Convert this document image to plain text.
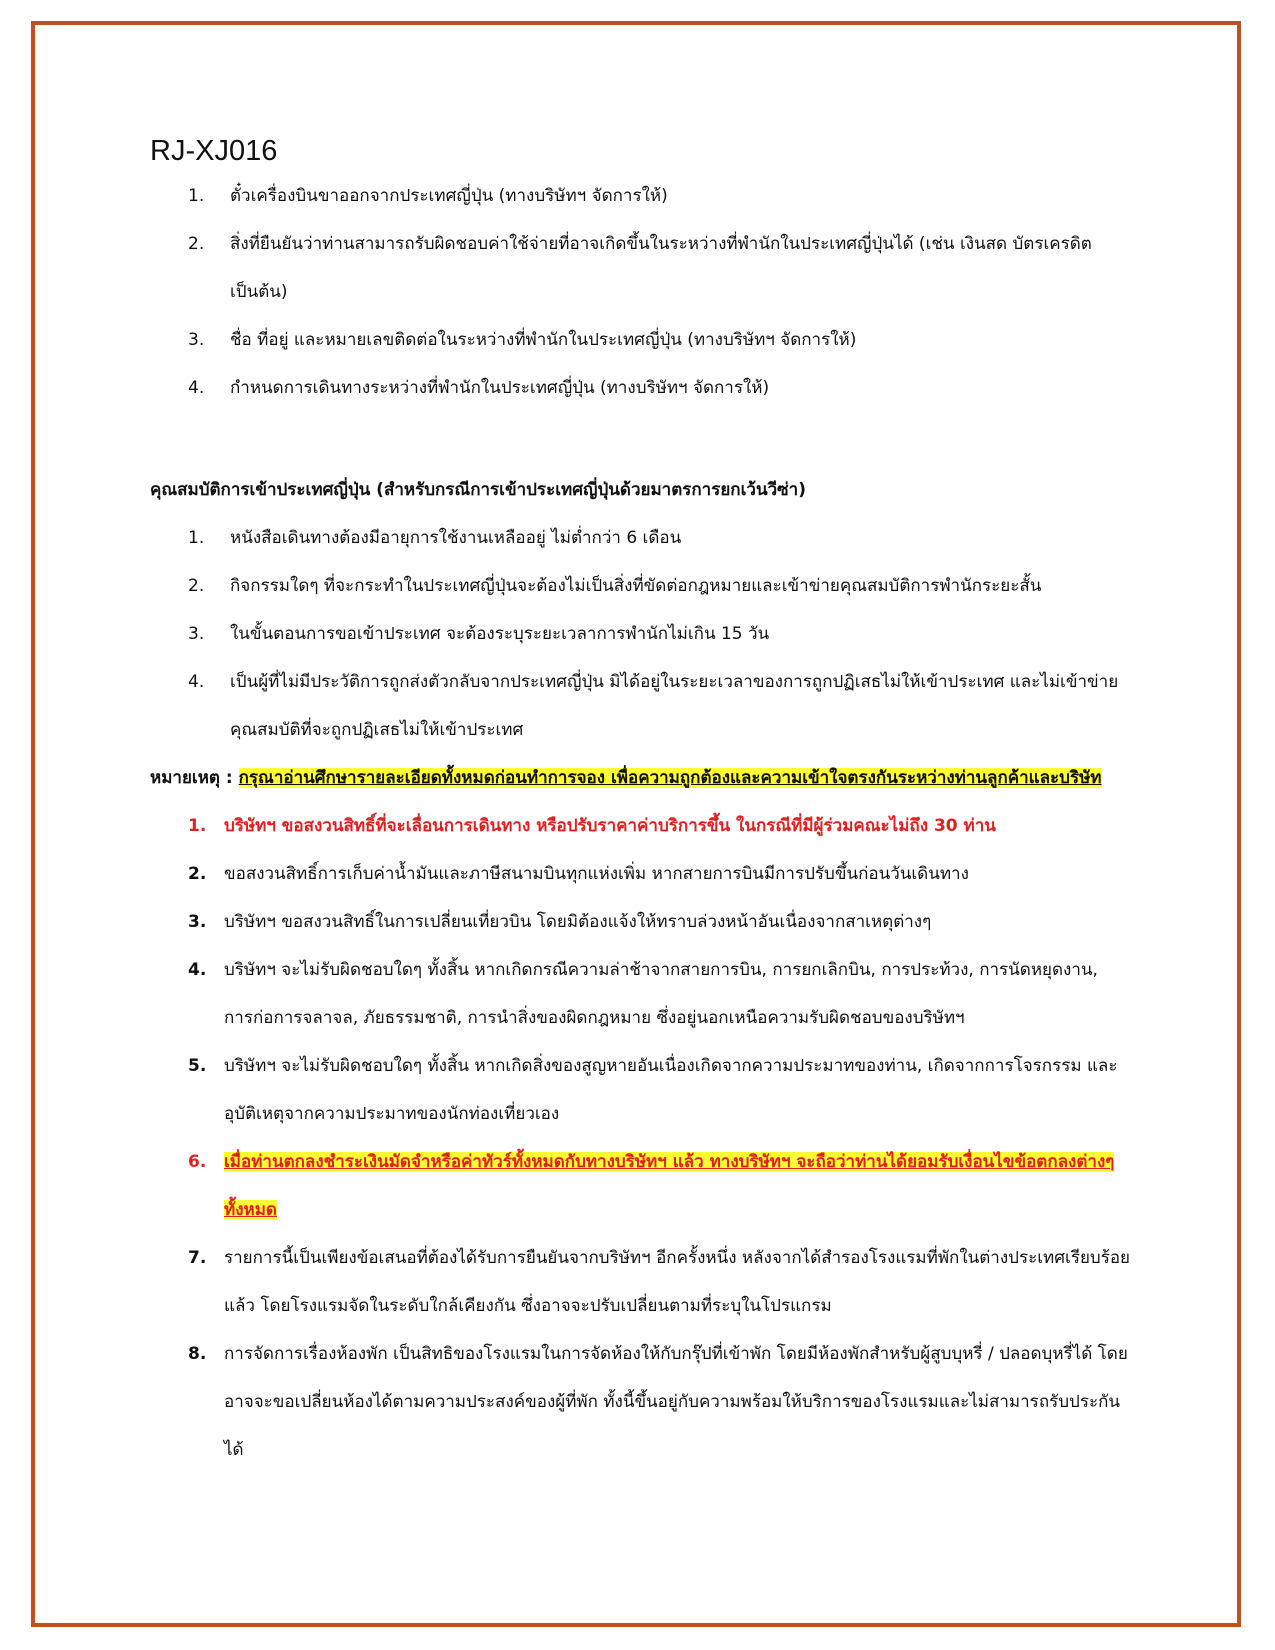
RJ-XJ016
1. ตั๋วเครื่องบินขาออกจากประเทศญี่ปุ่น (ทางบริษัทฯ จัดการให้)
2. สิ่งที่ยืนยันว่าท่านสามารถรับผิดชอบค่าใช้จ่ายที่อาจเกิดขึ้นในระหว่างที่พำนักในประเทศญี่ปุ่นได้ (เช่น เงินสด บัตรเครดิต เป็นต้น)
3. ชื่อ ที่อยู่ และหมายเลขติดต่อในระหว่างที่พำนักในประเทศญี่ปุ่น (ทางบริษัทฯ จัดการให้)
4. กำหนดการเดินทางระหว่างที่พำนักในประเทศญี่ปุ่น (ทางบริษัทฯ จัดการให้)
คุณสมบัติการเข้าประเทศญี่ปุ่น (สำหรับกรณีการเข้าประเทศญี่ปุ่นด้วยมาตรการยกเว้นวีซ่า)
1. หนังสือเดินทางต้องมีอายุการใช้งานเหลืออยู่ ไม่ต่ำกว่า 6 เดือน
2. กิจกรรมใดๆ ที่จะกระทำในประเทศญี่ปุ่นจะต้องไม่เป็นสิ่งที่ขัดต่อกฎหมายและเข้าข่ายคุณสมบัติการพำนักระยะสั้น
3. ในขั้นตอนการขอเข้าประเทศ จะต้องระบุระยะเวลาการพำนักไม่เกิน 15 วัน
4. เป็นผู้ที่ไม่มีประวัติการถูกส่งตัวกลับจากประเทศญี่ปุ่น มิได้อยู่ในระยะเวลาของการถูกปฏิเสธไม่ให้เข้าประเทศ และไม่เข้าข่ายคุณสมบัติที่จะถูกปฏิเสธไม่ให้เข้าประเทศ
หมายเหตุ : กรุณาอ่านศึกษารายละเอียดทั้งหมดก่อนทำการจอง เพื่อความถูกต้องและความเข้าใจตรงกันระหว่างท่านลูกค้าและบริษัท
1. บริษัทฯ ขอสงวนสิทธิ์ที่จะเลื่อนการเดินทาง หรือปรับราคาค่าบริการขึ้น ในกรณีที่มีผู้ร่วมคณะไม่ถึง 30 ท่าน
2. ขอสงวนสิทธิ์การเก็บค่าน้ำมันและภาษีสนามบินทุกแห่งเพิ่ม หากสายการบินมีการปรับขึ้นก่อนวันเดินทาง
3. บริษัทฯ ขอสงวนสิทธิ์ในการเปลี่ยนเที่ยวบิน โดยมิต้องแจ้งให้ทราบล่วงหน้าอันเนื่องจากสาเหตุต่างๆ
4. บริษัทฯ จะไม่รับผิดชอบใดๆ ทั้งสิ้น หากเกิดกรณีความล่าช้าจากสายการบิน, การยกเลิกบิน, การประท้วง, การนัดหยุดงาน, การก่อการจลาจล, ภัยธรรมชาติ, การนำสิ่งของผิดกฎหมาย ซึ่งอยู่นอกเหนือความรับผิดชอบของบริษัทฯ
5. บริษัทฯ จะไม่รับผิดชอบใดๆ ทั้งสิ้น หากเกิดสิ่งของสูญหายอันเนื่องเกิดจากความประมาทของท่าน, เกิดจากการโจรกรรม และอุบัติเหตุจากความประมาทของนักท่องเที่ยวเอง
6. เมื่อท่านตกลงชำระเงินมัดจำหรือค่าทัวร์ทั้งหมดกับทางบริษัทฯ แล้ว ทางบริษัทฯ จะถือว่าท่านได้ยอมรับเงื่อนไขข้อตกลงต่างๆ ทั้งหมด
7. รายการนี้เป็นเพียงข้อเสนอที่ต้องได้รับการยืนยันจากบริษัทฯ อีกครั้งหนึ่ง หลังจากได้สำรองโรงแรมที่พักในต่างประเทศเรียบร้อยแล้ว โดยโรงแรมจัดในระดับใกล้เคียงกัน ซึ่งอาจจะปรับเปลี่ยนตามที่ระบุในโปรแกรม
8. การจัดการเรื่องห้องพัก เป็นสิทธิของโรงแรมในการจัดห้องให้กับกรุ๊ปที่เข้าพัก โดยมีห้องพักสำหรับผู้สูบบุหรี่ / ปลอดบุหรี่ได้ โดยอาจจะขอเปลี่ยนห้องได้ตามความประสงค์ของผู้ที่พัก ทั้งนี้ขึ้นอยู่กับความพร้อมให้บริการของโรงแรมและไม่สามารถรับประกันได้
